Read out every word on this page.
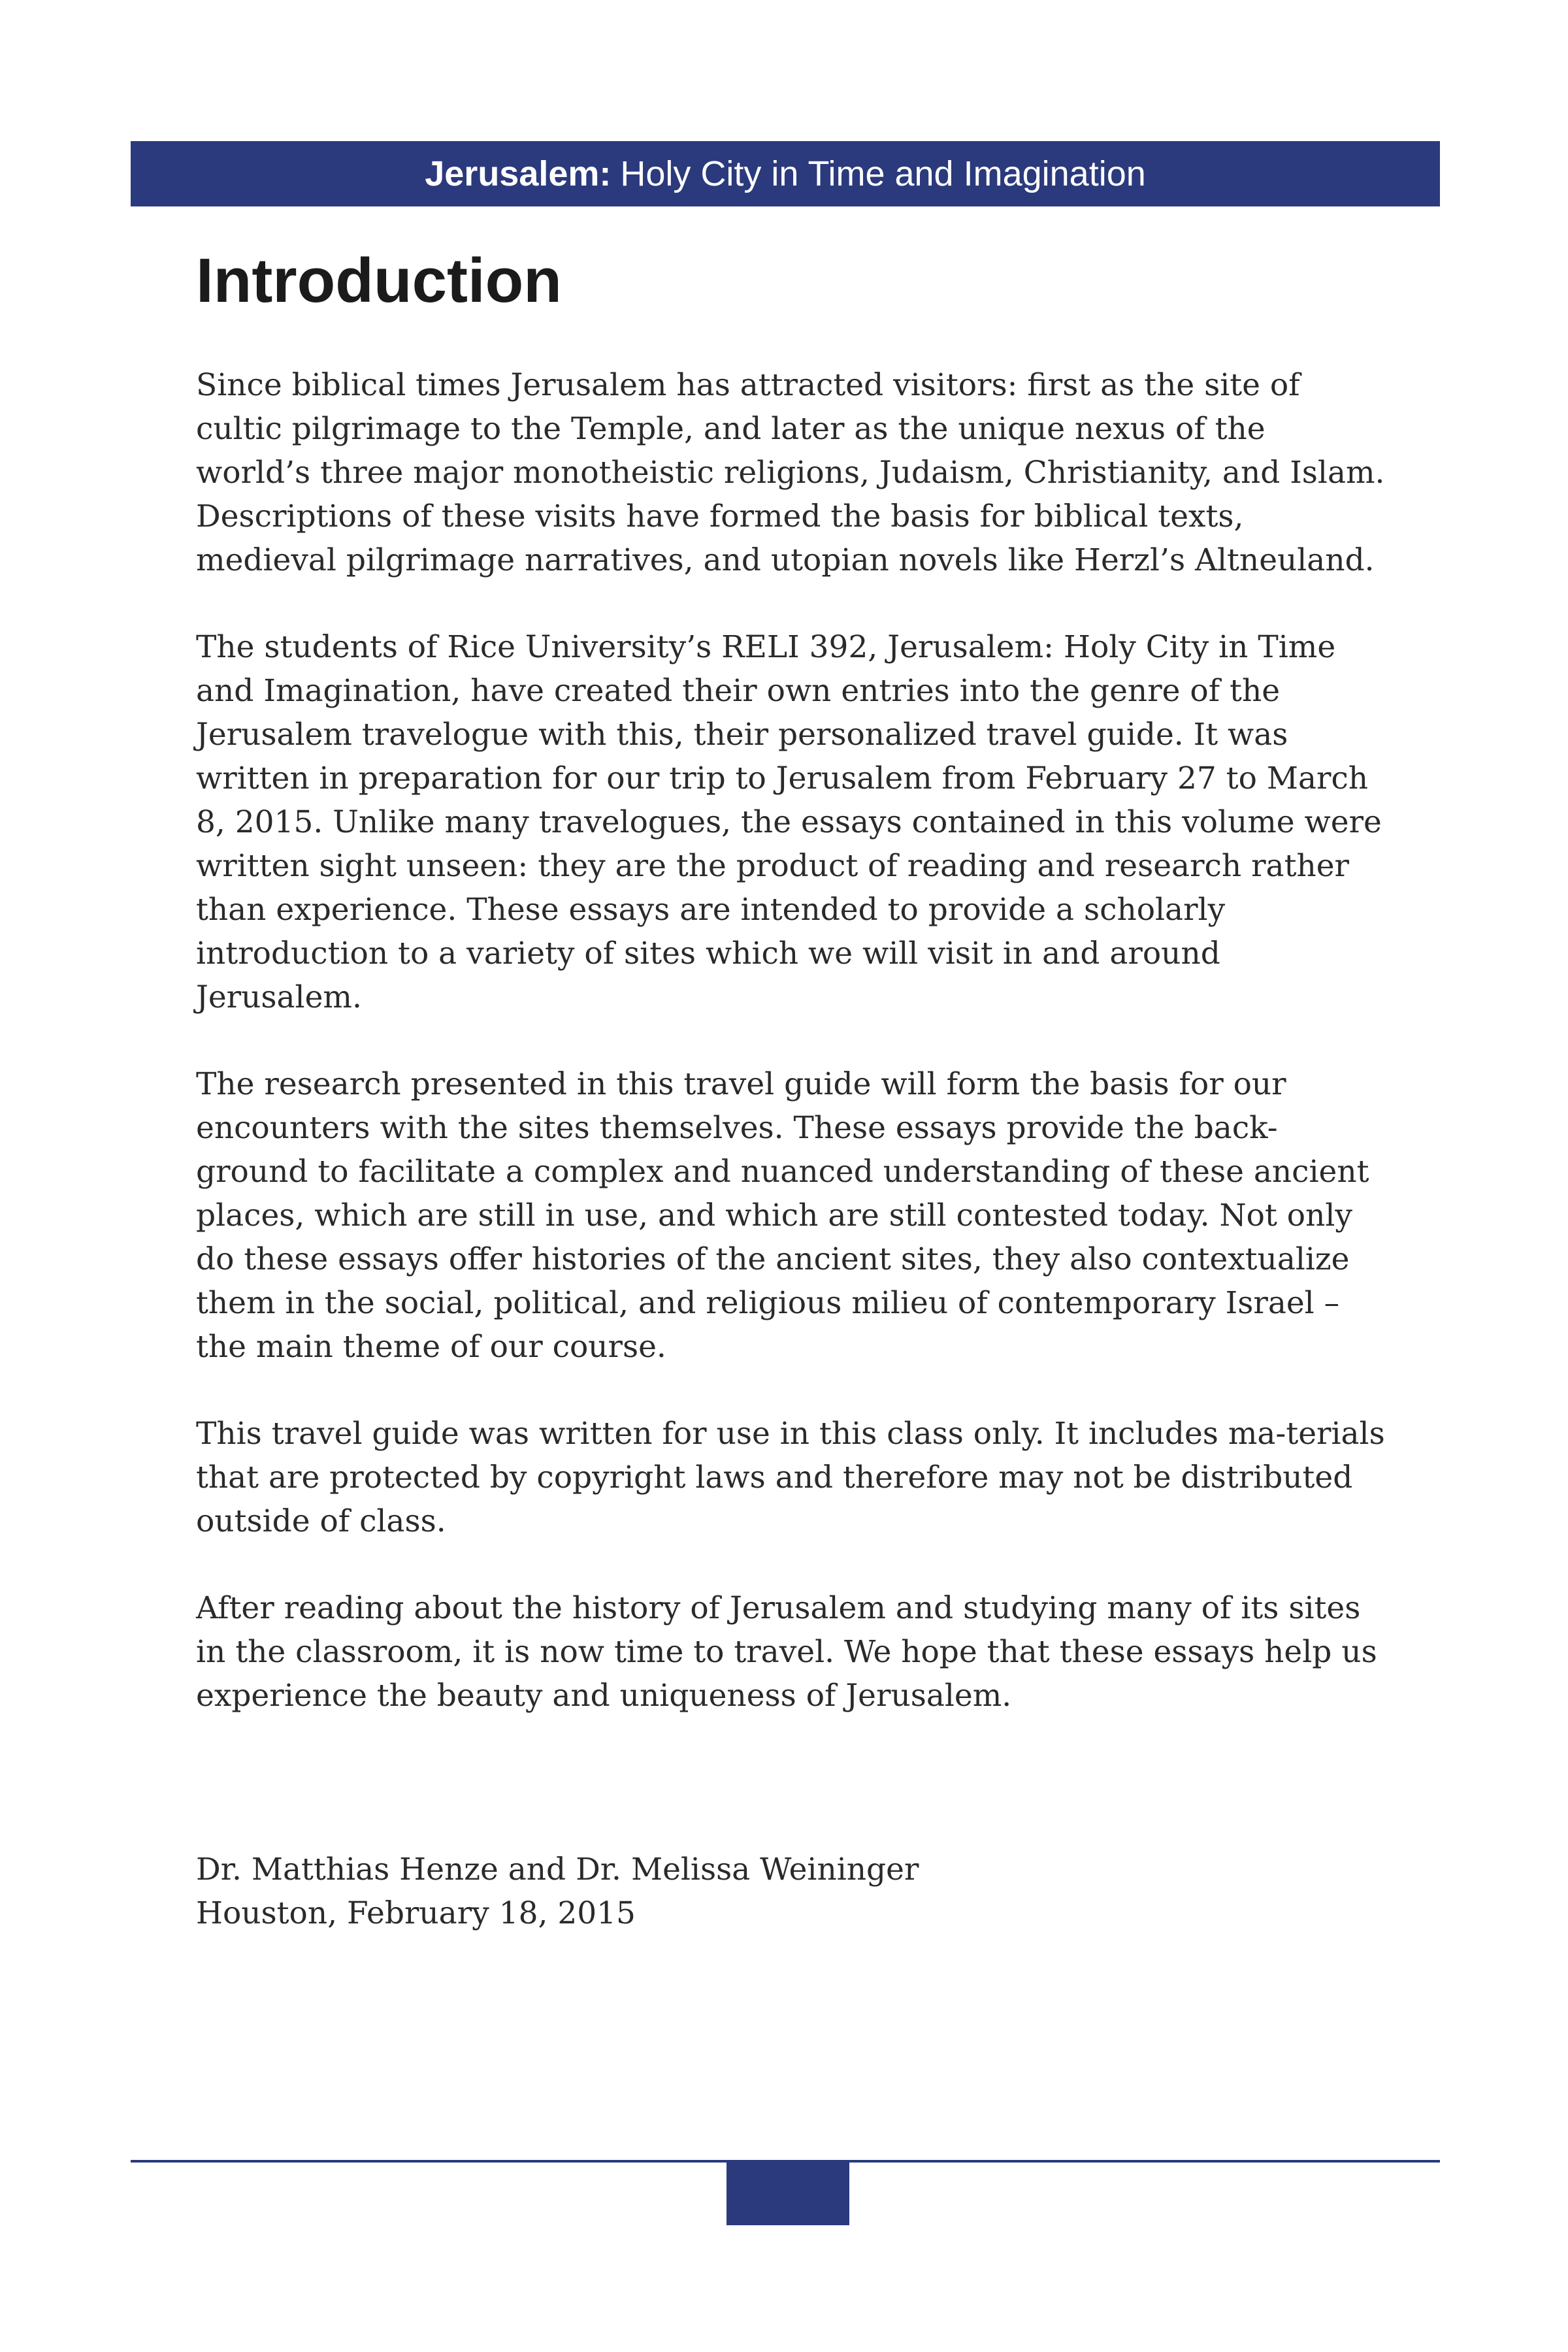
Jerusalem: Holy City in Time and Imagination
Introduction

Since biblical times Jerusalem has attracted visitors: first as the site of cultic pilgrimage to the Temple, and later as the unique nexus of the world’s three major monotheistic religions, Judaism, Christianity, and Islam. Descriptions of these visits have formed the basis for biblical texts, medieval pilgrimage narratives, and utopian novels like Herzl’s Altneuland.

The students of Rice University’s RELI 392, Jerusalem: Holy City in Time and Imagination, have created their own entries into the genre of the Jerusalem travelogue with this, their personalized travel guide. It was written in preparation for our trip to Jerusalem from February 27 to March 8, 2015. Unlike many travelogues, the essays contained in this volume were written sight unseen: they are the product of reading and research rather than experience. These essays are intended to provide a scholarly introduction to a variety of sites which we will visit in and around Jerusalem.

The research presented in this travel guide will form the basis for our encounters with the sites themselves. These essays provide the back-ground to facilitate a complex and nuanced understanding of these ancient places, which are still in use, and which are still contested today. Not only do these essays offer histories of the ancient sites, they also contextualize them in the social, political, and religious milieu of contemporary Israel – the main theme of our course.

This travel guide was written for use in this class only. It includes ma-terials that are protected by copyright laws and therefore may not be distributed outside of class.

After reading about the history of Jerusalem and studying many of its sites in the classroom, it is now time to travel. We hope that these essays help us experience the beauty and uniqueness of Jerusalem.

Dr. Matthias Henze and Dr. Melissa Weininger
Houston, February 18, 2015
